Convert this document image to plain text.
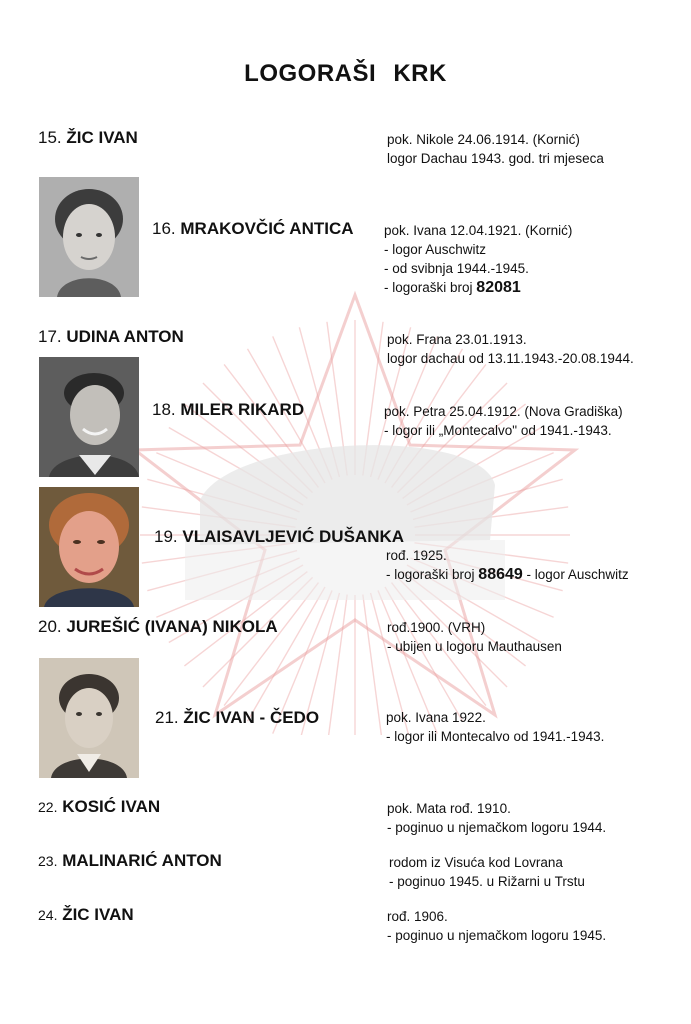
LOGORAŠI KRK
15. ŽIC IVAN	pok. Nikole 24.06.1914. (Kornić)
logor Dachau 1943. god. tri mjeseca
16. MRAKOVČIĆ ANTICA pok. Ivana 12.04.1921. (Kornić)
- logor Auschwitz
- od svibnja 1944.-1945.
- logoraški broj 82081
17. UDINA ANTON	pok. Frana 23.01.1913.
logor dachau od 13.11.1943.-20.08.1944.
18. MILER RIKARD	pok. Petra 25.04.1912. (Nova Gradiška)
- logor ili „Montecalvo" od 1941.-1943.
19. VLAISAVLJEVIĆ DUŠANKA
rođ. 1925.
- logoraški broj 88649 - logor Auschwitz
20. JUREŠIĆ (IVANA) NIKOLA	rođ.1900. (VRH)
- ubijen u logoru Mauthausen
21. ŽIC IVAN - ČEDO	pok. Ivana 1922.
- logor ili Montecalvo od 1941.-1943.
22. KOSIĆ IVAN	pok. Mata rođ. 1910.
- poginuo u njemačkom logoru 1944.
23. MALINARIĆ ANTON	rodom iz Visuća kod Lovrana
- poginuo 1945. u Rižarni u Trstu
24. ŽIC IVAN	rođ. 1906.
- poginuo u njemačkom logoru 1945.
